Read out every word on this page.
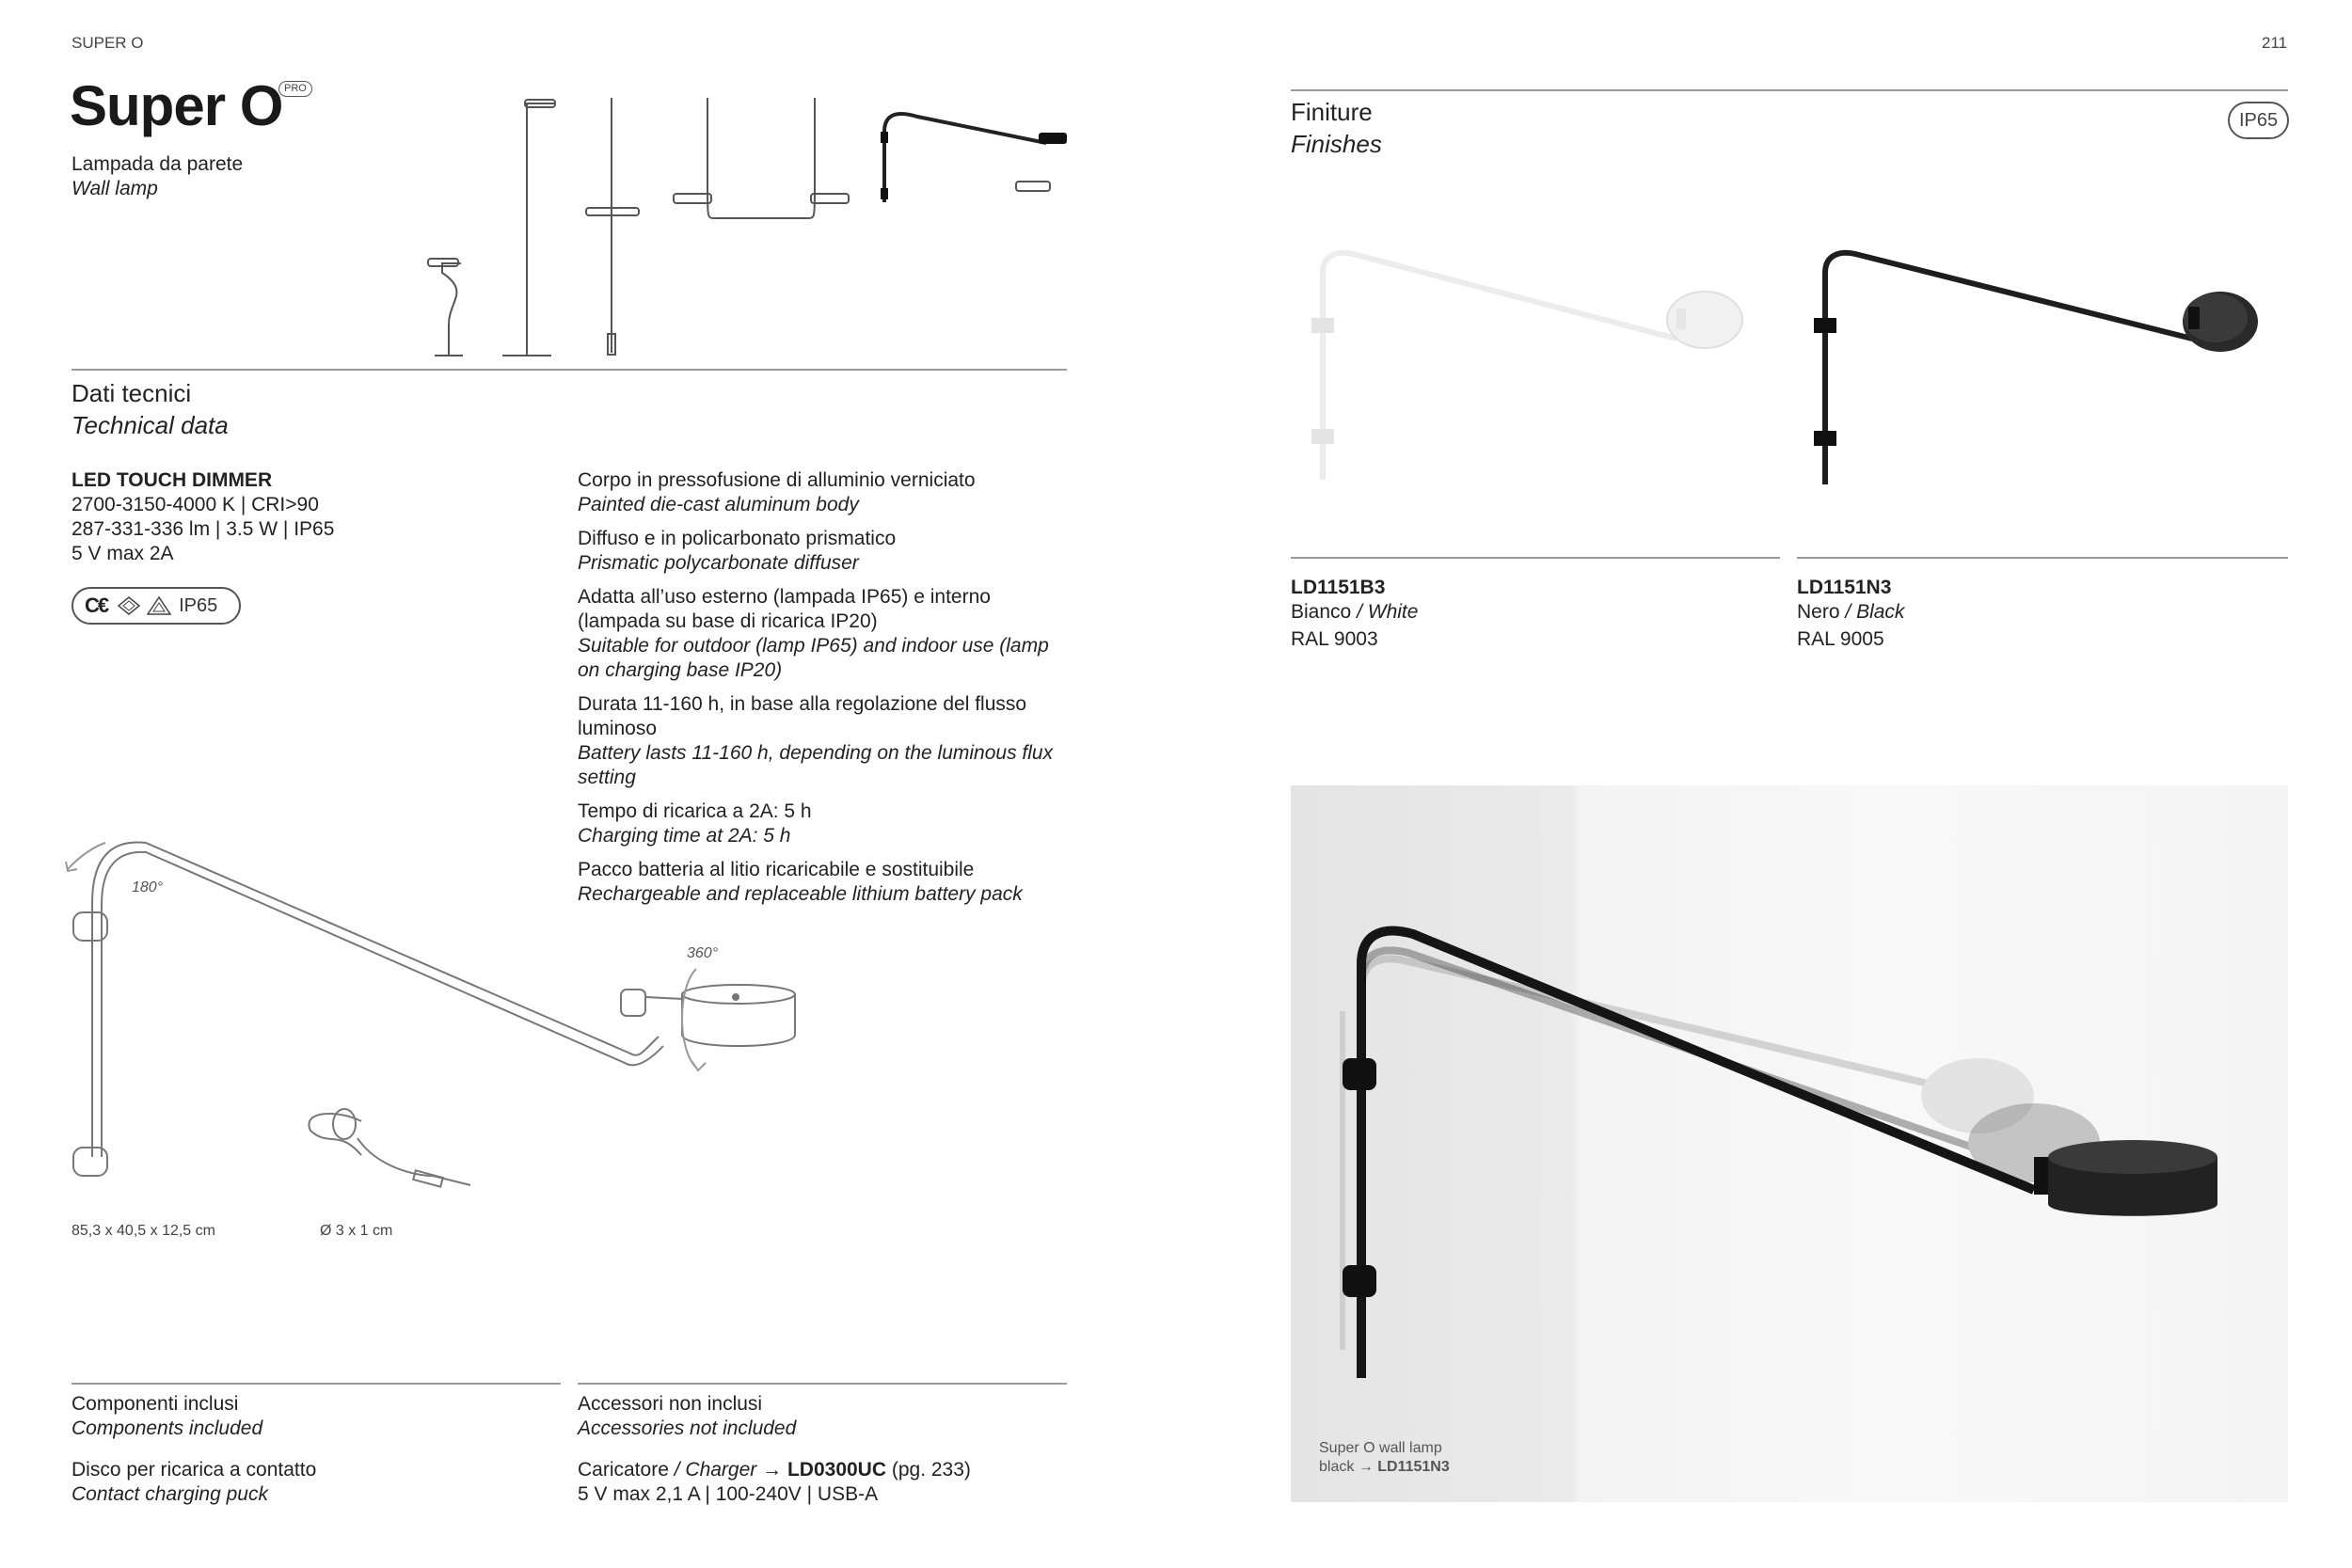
SUPER O
Super O PRO
Lampada da parete
Wall lamp
Dati tecnici
Technical data
LED TOUCH DIMMER
2700-3150-4000 K | CRI>90
287-331-336 lm | 3.5 W | IP65
5 V max 2A
C€	IP65
Corpo in pressofusione di alluminio verniciato
Painted die-cast aluminum body
Diffuso e in policarbonato prismatico
Prismatic polycarbonate diffuser
Adatta all’uso esterno (lampada IP65) e interno (lampada su base di ricarica IP20)
Suitable for outdoor (lamp IP65) and indoor use (lamp on charging base IP20)
Durata 11-160 h, in base alla regolazione del flusso luminoso
Battery lasts 11-160 h, depending on the luminous flux setting
Tempo di ricarica a 2A: 5 h
Charging time at 2A: 5 h
Pacco batteria al litio ricaricabile e sostituibile
Rechargeable and replaceable lithium battery pack
180°
360°
85,3 x 40,5 x 12,5 cm	Ø 3 x 1 cm
Componenti inclusi
Components included
Disco per ricarica a contatto
Contact charging puck
Accessori non inclusi
Accessories not included
Caricatore / Charger → LD0300UC (pg. 233)
5 V max 2,1 A | 100-240V | USB-A
211
Finiture
Finishes
IP65
LD1151B3
Bianco / White
RAL 9003
LD1151N3
Nero / Black
RAL 9005
Super O wall lamp
black → LD1151N3
